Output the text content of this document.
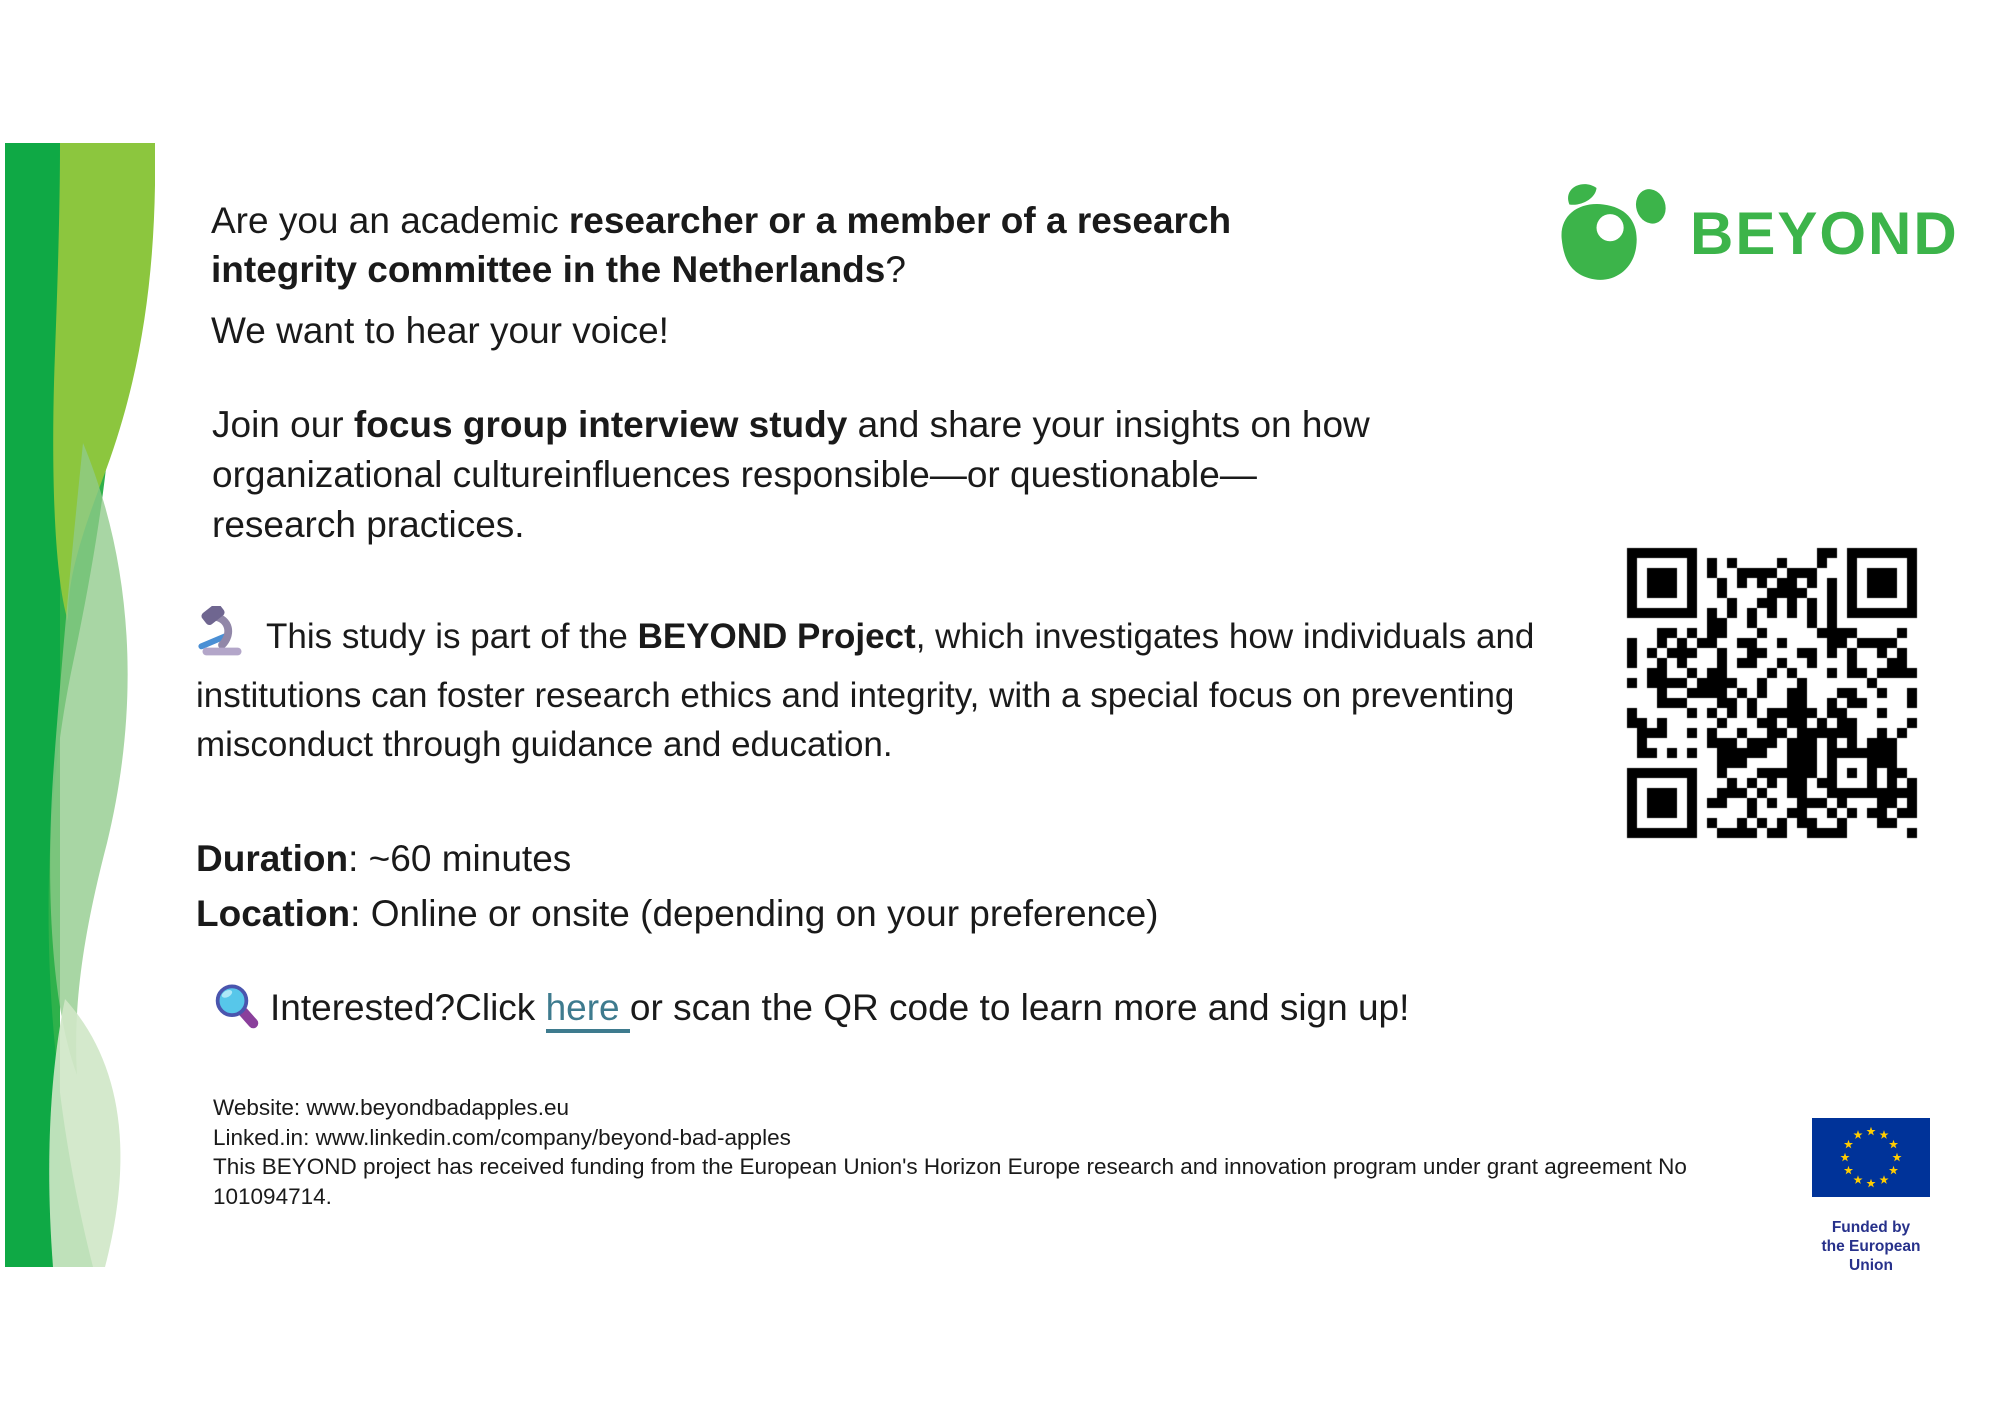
BEYOND

Are you an academic researcher or a member of a research
integrity committee in the Netherlands?

We want to hear your voice!

Join our focus group interview study and share your insights on how organizational cultureinfluences responsible—or questionable— research practices.

This study is part of the BEYOND Project, which investigates how individuals and institutions can foster research ethics and integrity, with a special focus on preventing misconduct through guidance and education.

Duration: ~60 minutes

Location: Online or onsite (depending on your preference)

Interested?Click here or scan the QR code to learn more and sign up!

Website: www.beyondbadapples.eu

Linked.in: www.linkedin.com/company/beyond-bad-apples

This BEYOND project has received funding from the European Union's Horizon Europe research and innovation program under grant agreement No 101094714.

Funded by
the European Union
